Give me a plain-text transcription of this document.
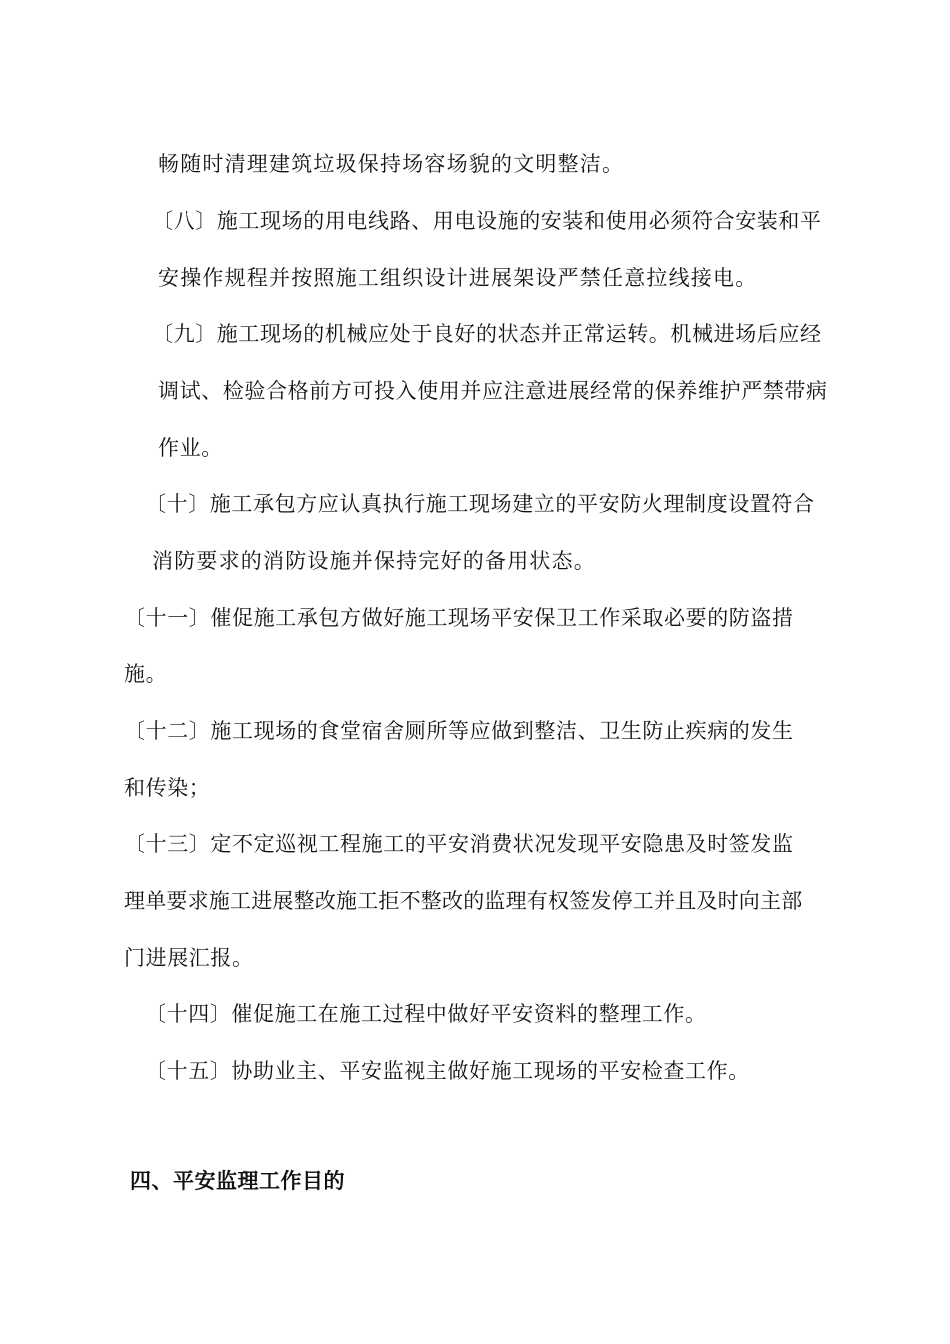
畅随时清理建筑垃圾保持场容场貌的文明整洁。
〔八〕施工现场的用电线路、用电设施的安装和使用必须符合安装和平
安操作规程并按照施工组织设计进展架设严禁任意拉线接电。
〔九〕施工现场的机械应处于良好的状态并正常运转。机械进场后应经
调试、检验合格前方可投入使用并应注意进展经常的保养维护严禁带病
作业。
〔十〕施工承包方应认真执行施工现场建立的平安防火理制度设置符合
消防要求的消防设施并保持完好的备用状态。
〔十一〕催促施工承包方做好施工现场平安保卫工作采取必要的防盗措
施。
〔十二〕施工现场的食堂宿舍厕所等应做到整洁、卫生防止疾病的发生
和传染；
〔十三〕定不定巡视工程施工的平安消费状况发现平安隐患及时签发监
理单要求施工进展整改施工拒不整改的监理有权签发停工并且及时向主部
门进展汇报。
〔十四〕催促施工在施工过程中做好平安资料的整理工作。
〔十五〕协助业主、平安监视主做好施工现场的平安检查工作。
四、平安监理工作目的
